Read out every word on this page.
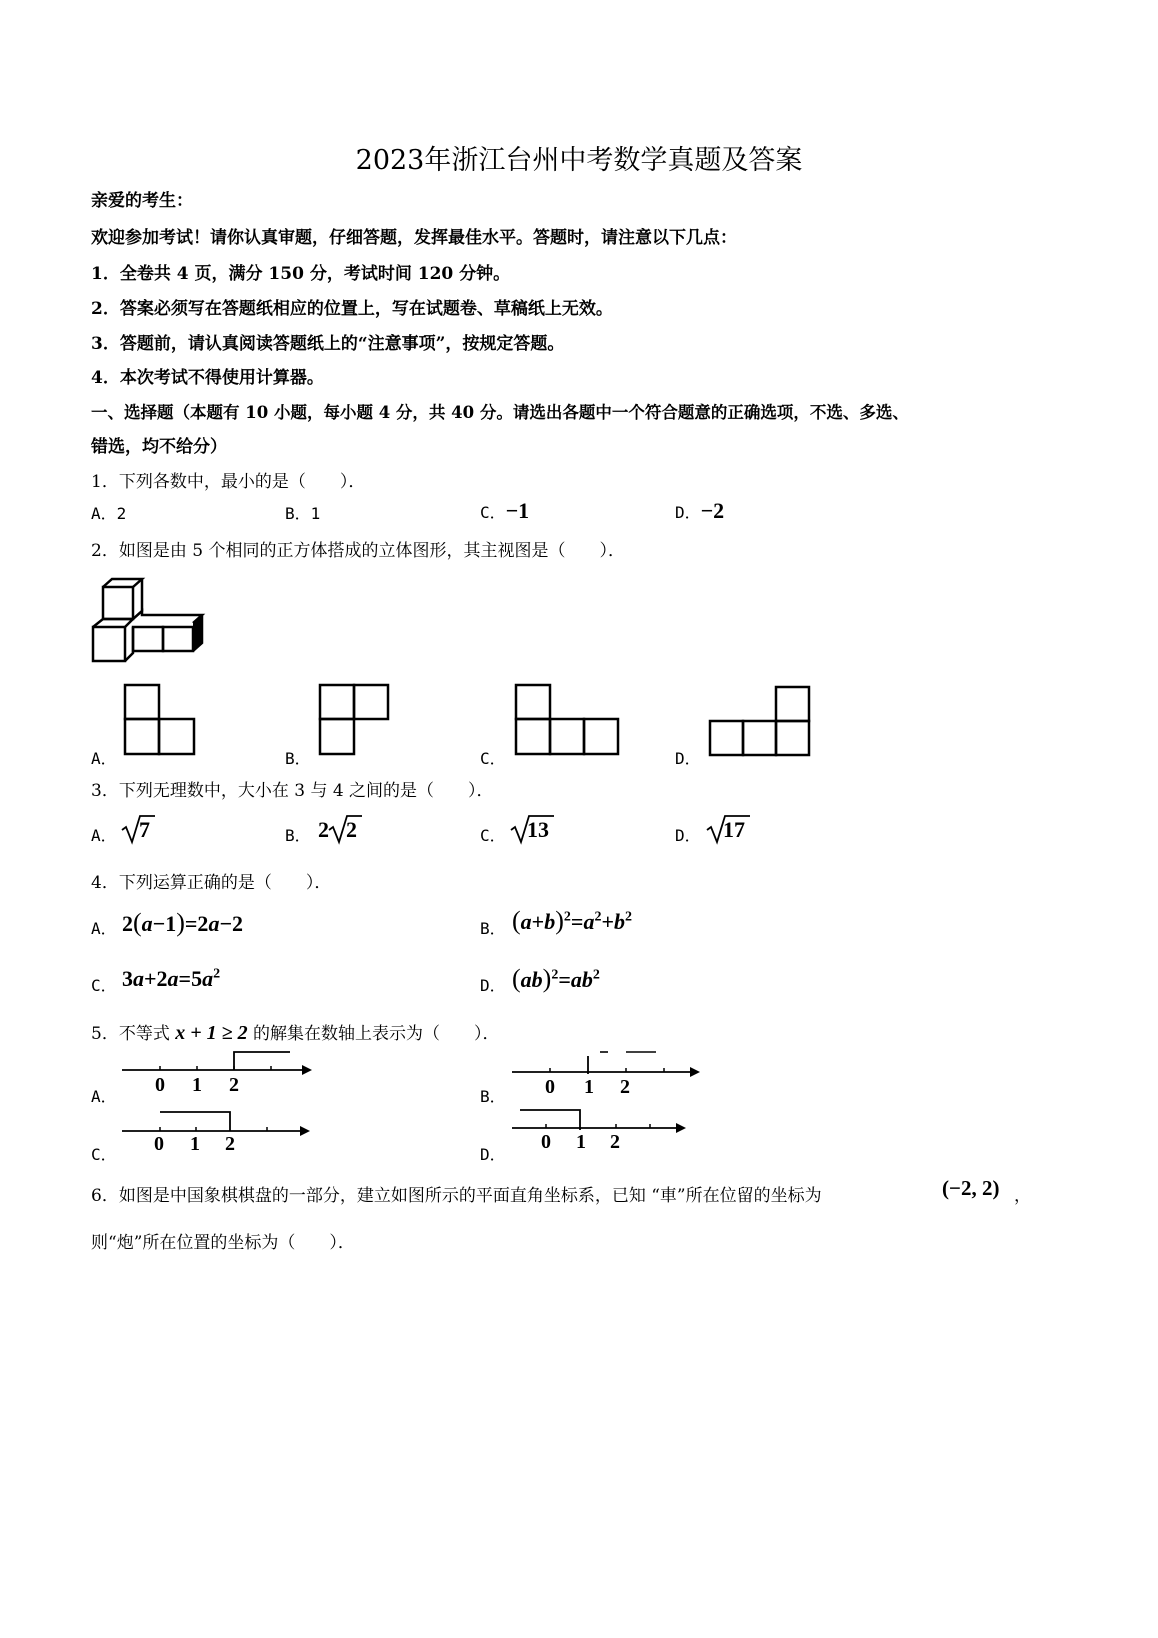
2023年浙江台州中考数学真题及答案
亲爱的考生：
欢迎参加考试！请你认真审题，仔细答题，发挥最佳水平。答题时，请注意以下几点：
1．全卷共 4 页，满分 150 分，考试时间 120 分钟。
2．答案必须写在答题纸相应的位置上，写在试题卷、草稿纸上无效。
3．答题前，请认真阅读答题纸上的“注意事项”，按规定答题。
4．本次考试不得使用计算器。
一、选择题（本题有 10 小题，每小题 4 分，共 40 分。请选出各题中一个符合题意的正确选项，不选、多选、
错选，均不给分）
1．下列各数中，最小的是（　　）．
A．2	B．1	C．−1	D．−2
2．如图是由 5 个相同的正方体搭成的立体图形，其主视图是（　　）．
A．	B．	C．	D．
3．下列无理数中，大小在 3 与 4 之间的是（　　）．
A．	B．	C．	D．
7	2 2	13	17
4．下列运算正确的是（　　）．
A．	B．
C．	D．
2(a−1)=2a−2	$(a+b)^2=a^2+b^2$
$3a+2a=5a^2$	$(ab)^2=ab^2$
5．不等式 x + 1 ≥ 2 的解集在数轴上表示为（　　）．
A．	B．
C．	D．
0 1 2	0 1 2
0 1 2	0 1 2
6．如图是中国象棋棋盘的一部分，建立如图所示的平面直角坐标系，已知 “車”所在位留的坐标为	(−2, 2) ，
则“炮”所在位置的坐标为（　　）．
